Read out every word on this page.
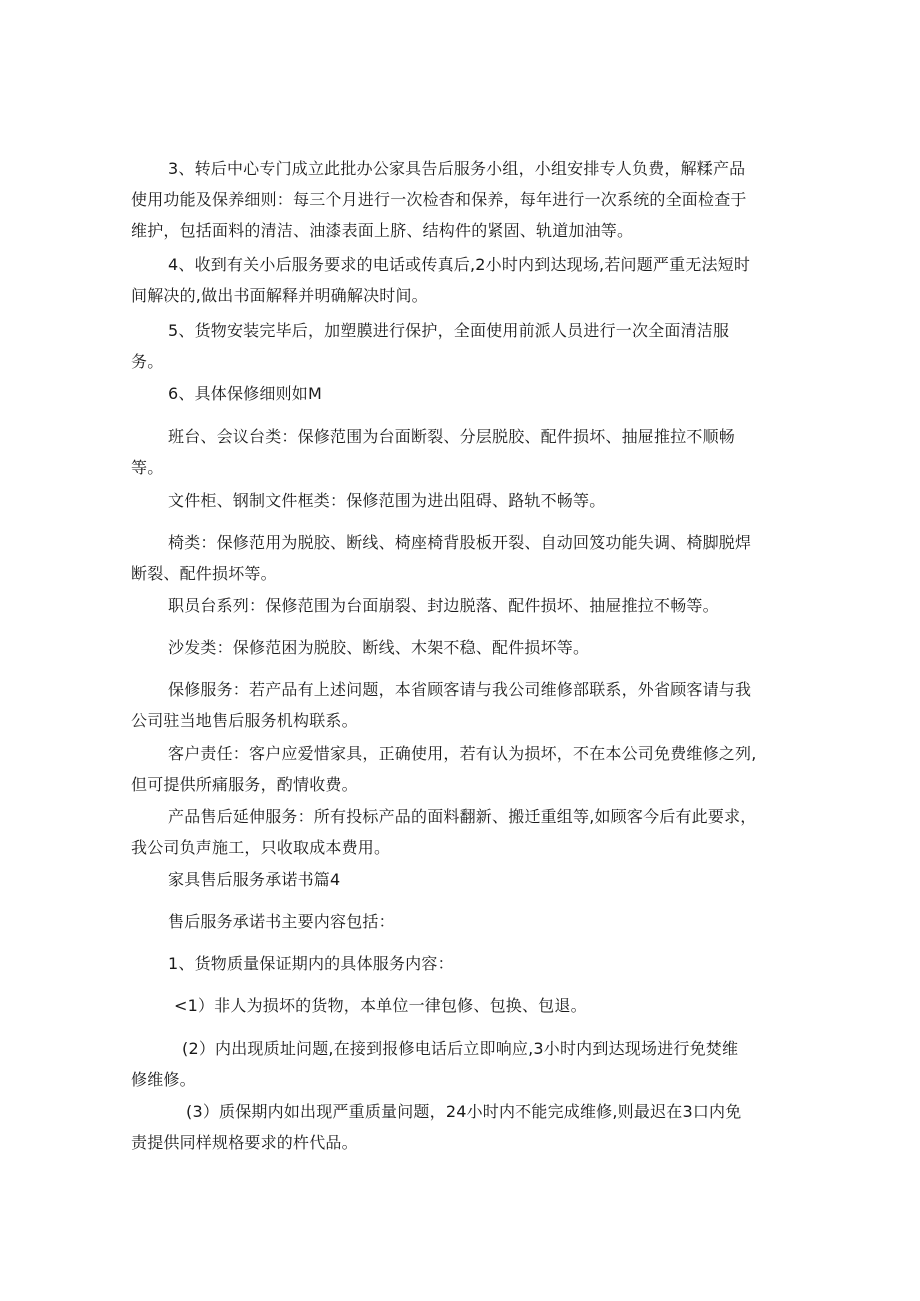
3、转后中心专门成立此批办公家具告后服务小组，小组安排专人负费，解糅产品
使用功能及保养细则：每三个月进行一次检杳和保养，每年进行一次系统的全面检查于
维护，包括面料的清洁、油漆表面上脐、结构件的紧固、轨道加油等。

4、收到有关小后服务要求的电话或传真后,2小时内到达现场,若问题严重无法短时
间解决的,做出书面解释并明确解决时间。

5、货物安装完毕后，加塑膜进行保护，全面使用前派人员进行一次全面清洁服
务。

6、具体保修细则如M

班台、会议台类：保修范围为台面断裂、分层脱胶、配件损坏、抽屉推拉不顺畅
等。

文件柜、钢制文件框类：保修范围为进出阻碍、路轨不畅等。

椅类：保修范用为脱胶、断线、椅座椅背股板开裂、自动回笈功能失调、椅脚脱焊
断裂、配件损坏等。

职员台系列：保修范围为台面崩裂、封边脱落、配件损坏、抽屉推拉不畅等。

沙发类：保修范困为脱胶、断线、木架不稳、配件损坏等。

保修服务：若产品有上述问题，本省顾客请与我公司维修部联系，外省顾客请与我
公司驻当地售后服务机构联系。

客户责任：客户应爱惜家具，正确使用，若有认为损坏，不在本公司免费维修之列,
但可提供所痛服务，酌情收费。

产品售后延伸服务：所有投标产品的面料翻新、搬迁重组等,如顾客今后有此要求，
我公司负声施工，只收取成本费用。

家具售后服务承诺书篇4

售后服务承诺书主要内容包括：

1、货物质量保证期内的具体服务内容：

<1）非人为损坏的货物，本单位一律包修、包换、包退。

(2）内出现质址问题,在接到报修电话后立即响应,3小时内到达现场进行免焚维
修维修。

(3）质保期内如出现严重质量问题，24小时内不能完成维修,则最迟在3口内免
责提供同样规格要求的杵代品。
